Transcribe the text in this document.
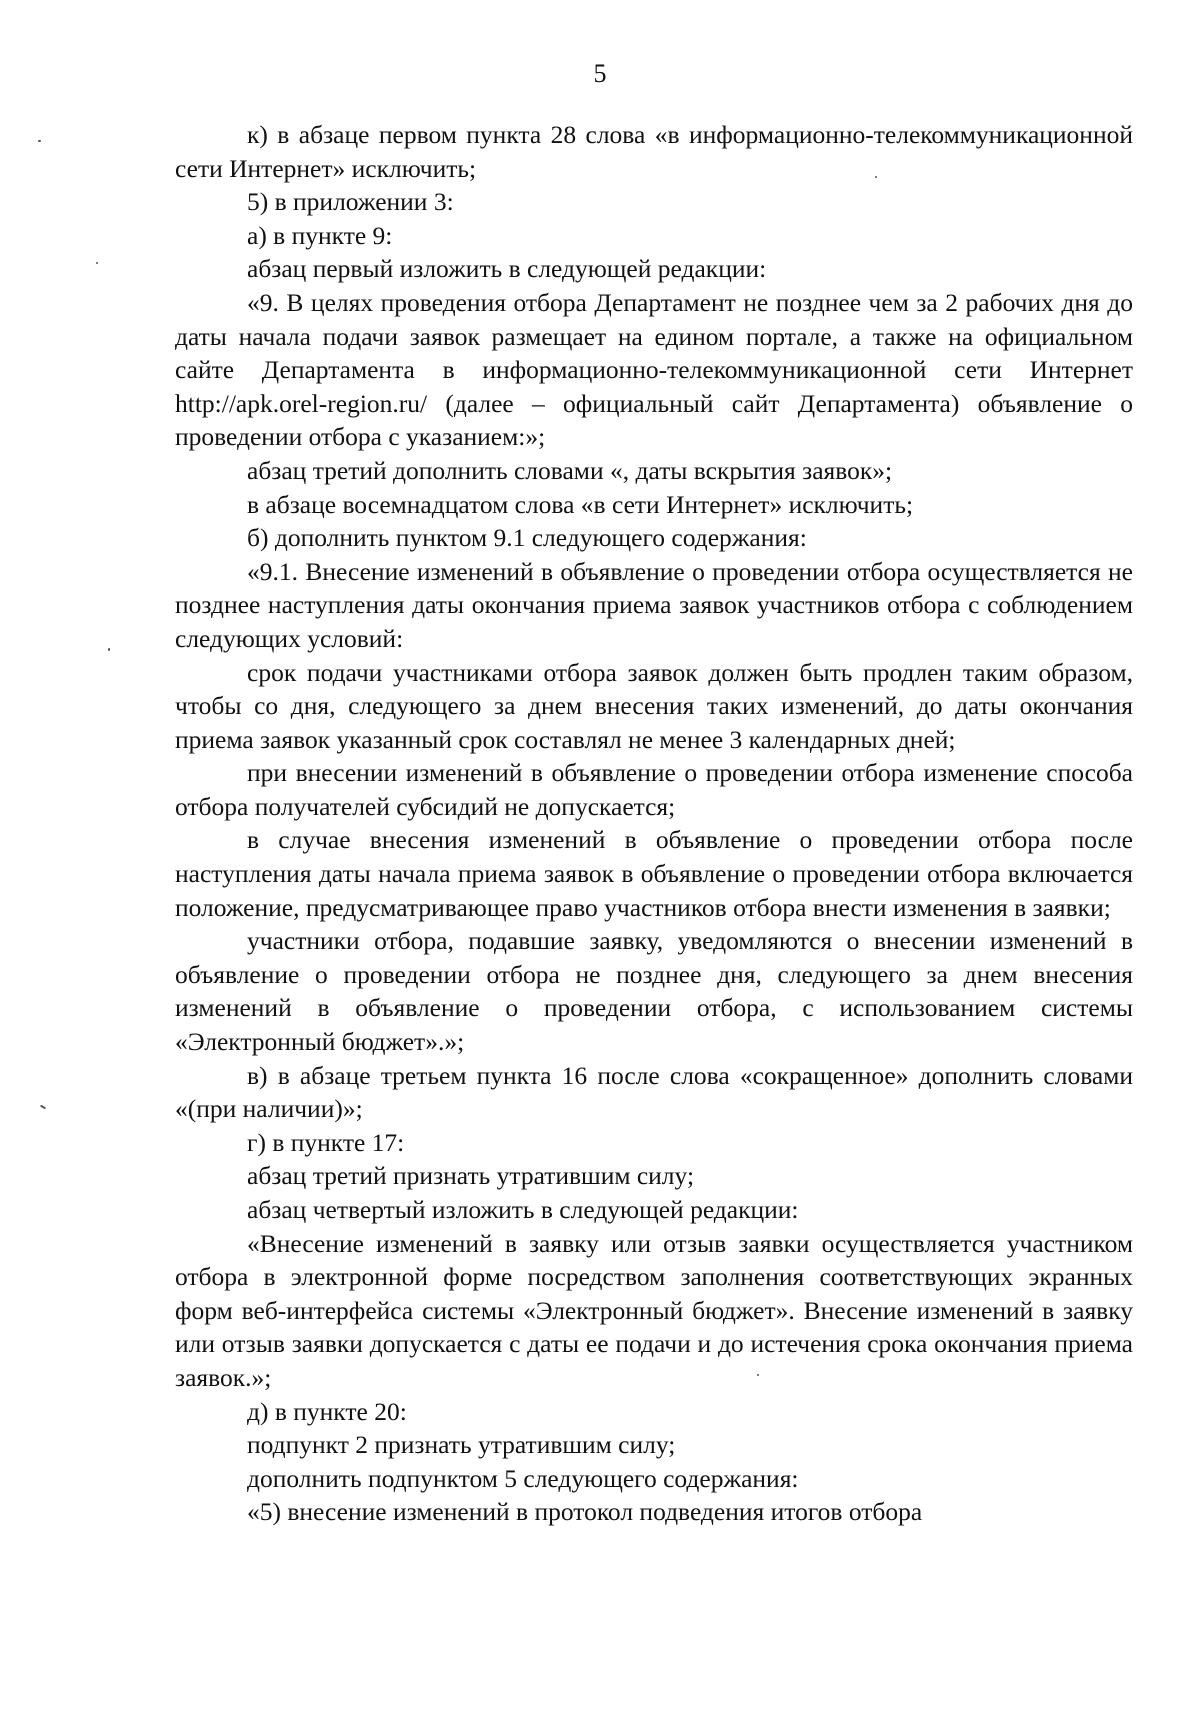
5

к) в абзаце первом пункта 28 слова «в информационно-телекоммуникационной сети Интернет» исключить;

5) в приложении 3:

а) в пункте 9:

абзац первый изложить в следующей редакции:

«9. В целях проведения отбора Департамент не позднее чем за 2 рабочих дня до даты начала подачи заявок размещает на едином портале, а также на официальном сайте Департамента в информационно-телекоммуникационной сети Интернет http://apk.orel-region.ru/ (далее – официальный сайт Департамента) объявление о проведении отбора с указанием:»;

абзац третий дополнить словами «, даты вскрытия заявок»;

в абзаце восемнадцатом слова «в сети Интернет» исключить;

б) дополнить пунктом 9.1 следующего содержания:

«9.1. Внесение изменений в объявление о проведении отбора осуществляется не позднее наступления даты окончания приема заявок участников отбора с соблюдением следующих условий:

срок подачи участниками отбора заявок должен быть продлен таким образом, чтобы со дня, следующего за днем внесения таких изменений, до даты окончания приема заявок указанный срок составлял не менее 3 календарных дней;

при внесении изменений в объявление о проведении отбора изменение способа отбора получателей субсидий не допускается;

в случае внесения изменений в объявление о проведении отбора после наступления даты начала приема заявок в объявление о проведении отбора включается положение, предусматривающее право участников отбора внести изменения в заявки;

участники отбора, подавшие заявку, уведомляются о внесении изменений в объявление о проведении отбора не позднее дня, следующего за днем внесения изменений в объявление о проведении отбора, с использованием системы «Электронный бюджет».»;

в) в абзаце третьем пункта 16 после слова «сокращенное» дополнить словами «(при наличии)»;

г) в пункте 17:

абзац третий признать утратившим силу;

абзац четвертый изложить в следующей редакции:

«Внесение изменений в заявку или отзыв заявки осуществляется участником отбора в электронной форме посредством заполнения соответствующих экранных форм веб-интерфейса системы «Электронный бюджет». Внесение изменений в заявку или отзыв заявки допускается с даты ее подачи и до истечения срока окончания приема заявок.»;

д) в пункте 20:

подпункт 2 признать утратившим силу;

дополнить подпунктом 5 следующего содержания:

«5) внесение изменений в протокол подведения итогов отбора
